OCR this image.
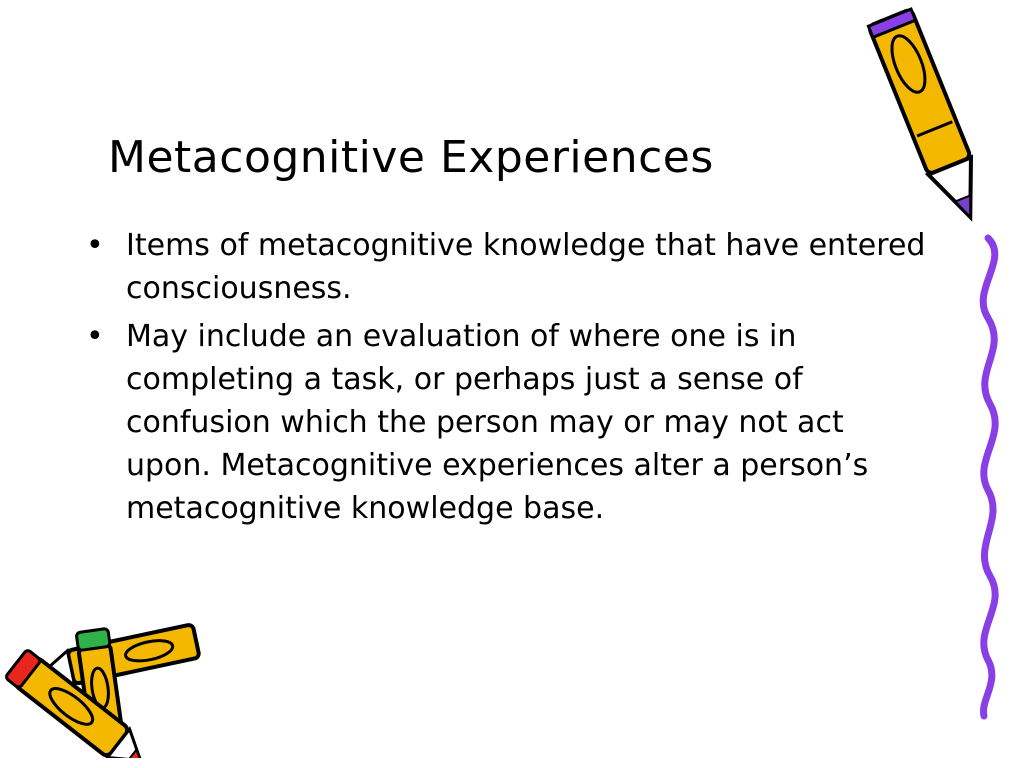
Metacognitive Experiences
• Items of metacognitive knowledge that have entered consciousness.
• May include an evaluation of where one is in completing a task, or perhaps just a sense of confusion which the person may or may not act upon. Metacognitive experiences alter a person’s metacognitive knowledge base.
